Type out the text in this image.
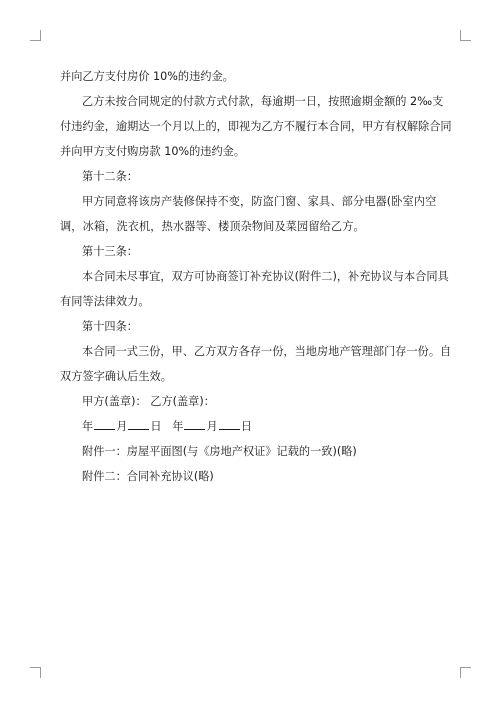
并向乙方支付房价 10%的违约金。

乙方未按合同规定的付款方式付款，每逾期一日，按照逾期金额的 2‰支付违约金，逾期达一个月以上的，即视为乙方不履行本合同，甲方有权解除合同并向甲方支付购房款 10%的违约金。

第十二条：

甲方同意将该房产装修保持不变，防盗门窗、家具、部分电器(卧室内空调，冰箱，洗衣机，热水器等、楼顶杂物间及菜园留给乙方。

第十三条：

本合同未尽事宜，双方可协商签订补充协议(附件二)，补充协议与本合同具有同等法律效力。

第十四条：

本合同一式三份，甲、乙方双方各存一份，当地房地产管理部门存一份。自双方签字确认后生效。

甲方(盖章)： 乙方(盖章)：

年 月 日 年 月 日

附件一：房屋平面图(与《房地产权证》记载的一致)(略)

附件二：合同补充协议(略)
